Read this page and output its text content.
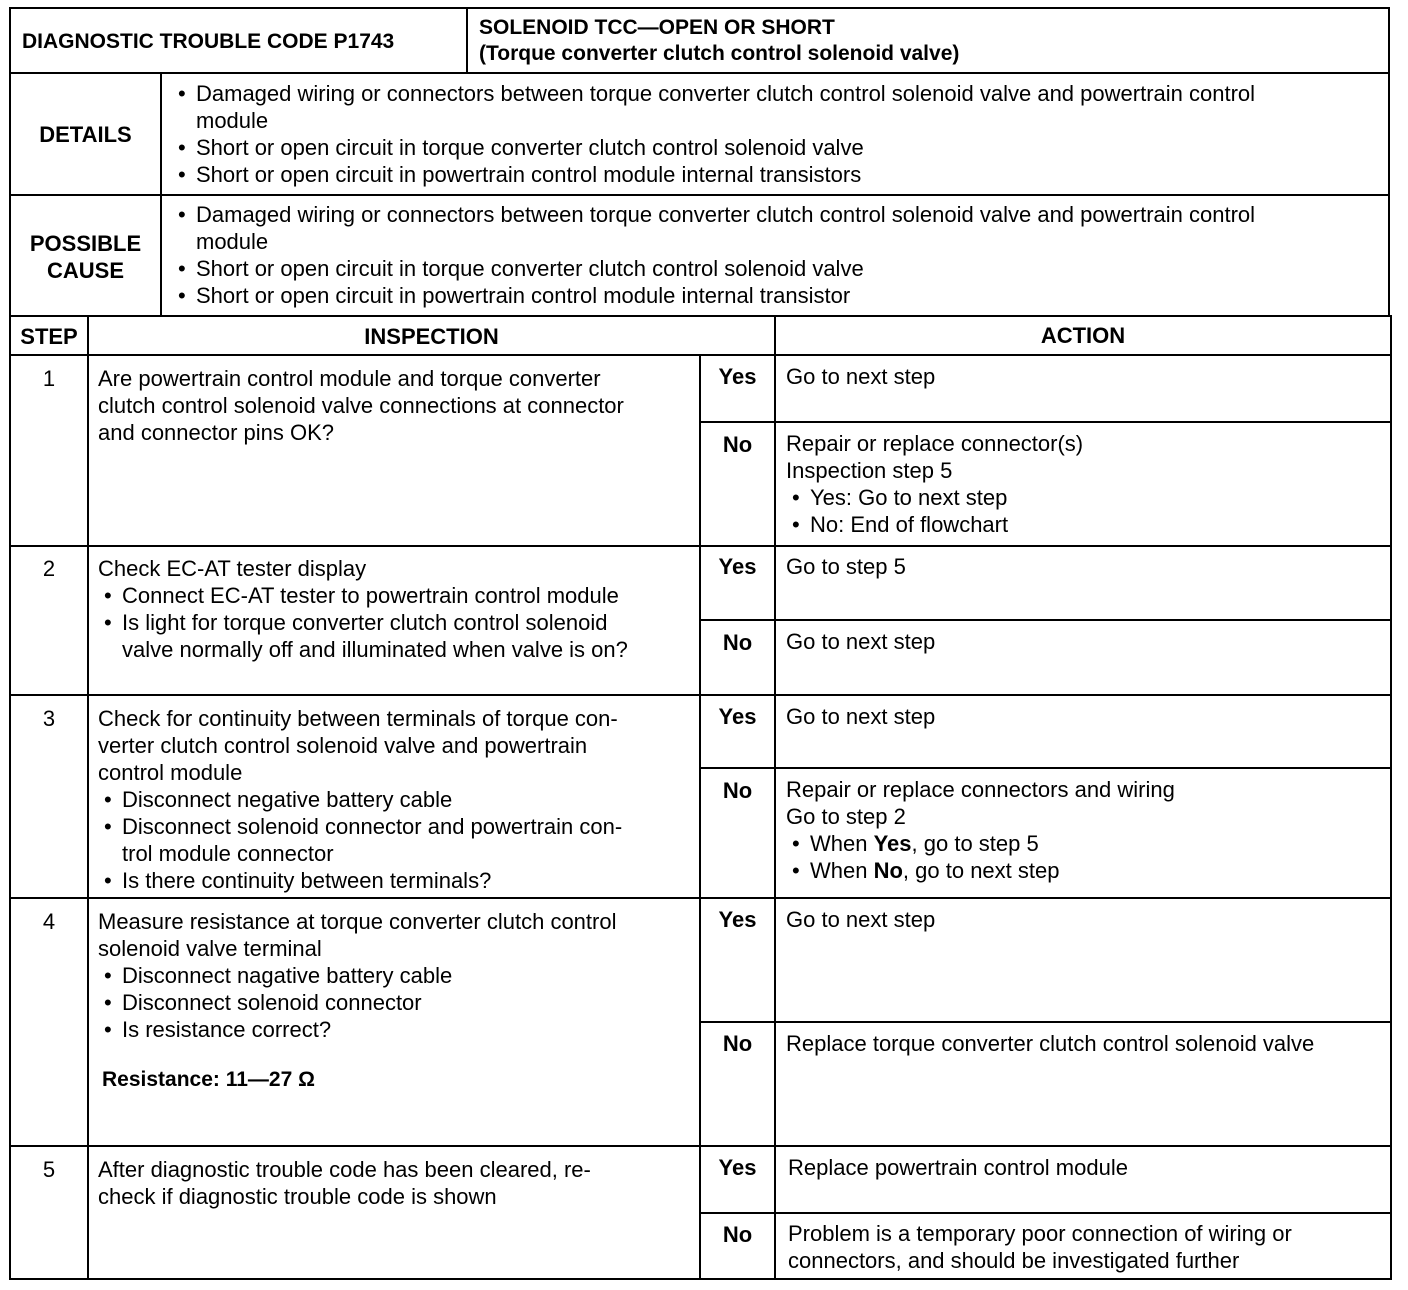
DIAGNOSTIC TROUBLE CODE P1743
SOLENOID TCC—OPEN OR SHORT
(Torque converter clutch control solenoid valve)
DETAILS
• Damaged wiring or connectors between torque converter clutch control solenoid valve and powertrain control
module
• Short or open circuit in torque converter clutch control solenoid valve
• Short or open circuit in powertrain control module internal transistors
POSSIBLE
CAUSE
• Damaged wiring or connectors between torque converter clutch control solenoid valve and powertrain control
module
• Short or open circuit in torque converter clutch control solenoid valve
• Short or open circuit in powertrain control module internal transistor
STEP	INSPECTION	ACTION
1	Are powertrain control module and torque converter
clutch control solenoid valve connections at connector
and connector pins OK?
Yes	Go to next step
No	Repair or replace connector(s)
Inspection step 5
• Yes: Go to next step
• No: End of flowchart
2	Check EC-AT tester display
• Connect EC-AT tester to powertrain control module
• Is light for torque converter clutch control solenoid
valve normally off and illuminated when valve is on?
Yes	Go to step 5
No	Go to next step
3	Check for continuity between terminals of torque con-
verter clutch control solenoid valve and powertrain
control module
• Disconnect negative battery cable
• Disconnect solenoid connector and powertrain con-
trol module connector
• Is there continuity between terminals?
Yes	Go to next step
No	Repair or replace connectors and wiring
Go to step 2
• When Yes, go to step 5
• When No, go to next step
4	Measure resistance at torque converter clutch control
solenoid valve terminal
• Disconnect nagative battery cable
• Disconnect solenoid connector
• Is resistance correct?
Resistance: 11—27 Ω
Yes	Go to next step
No	Replace torque converter clutch control solenoid valve
5	After diagnostic trouble code has been cleared, re-
check if diagnostic trouble code is shown
Yes	Replace powertrain control module
No	Problem is a temporary poor connection of wiring or
connectors, and should be investigated further
